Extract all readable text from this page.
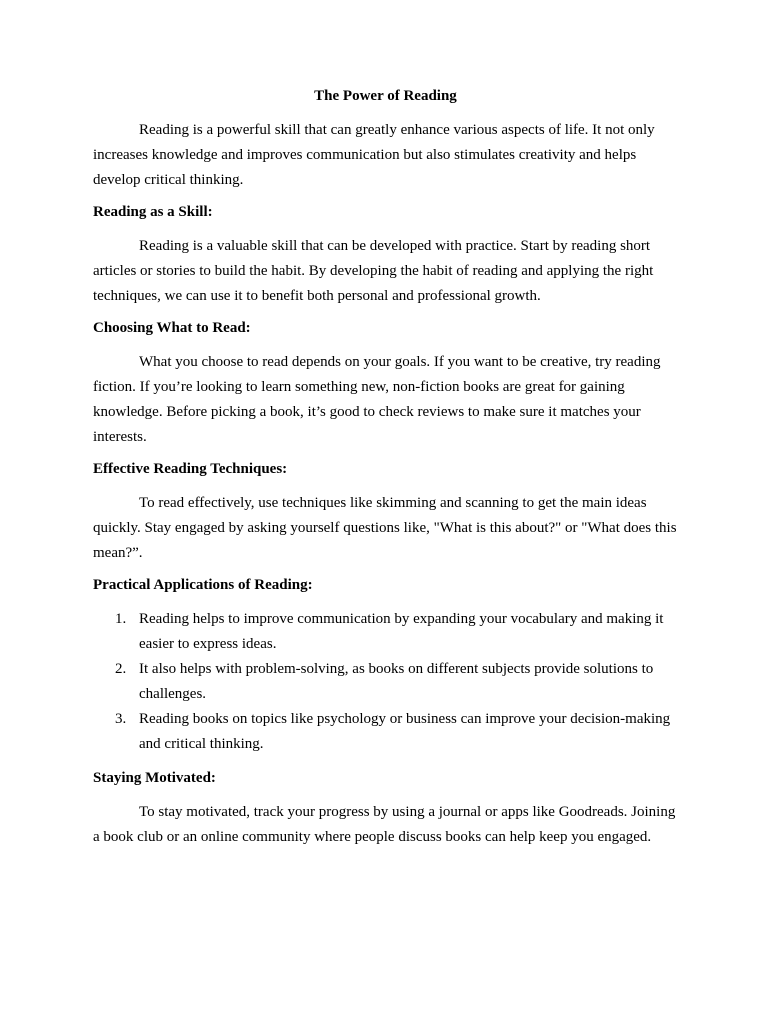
The Power of Reading

Reading is a powerful skill that can greatly enhance various aspects of life. It not only increases knowledge and improves communication but also stimulates creativity and helps develop critical thinking.

Reading as a Skill:

Reading is a valuable skill that can be developed with practice. Start by reading short articles or stories to build the habit. By developing the habit of reading and applying the right techniques, we can use it to benefit both personal and professional growth.

Choosing What to Read:

What you choose to read depends on your goals. If you want to be creative, try reading fiction. If you’re looking to learn something new, non-fiction books are great for gaining knowledge. Before picking a book, it’s good to check reviews to make sure it matches your interests.

Effective Reading Techniques:

To read effectively, use techniques like skimming and scanning to get the main ideas quickly. Stay engaged by asking yourself questions like, "What is this about?" or "What does this mean?”.

Practical Applications of Reading:
1. Reading helps to improve communication by expanding your vocabulary and making it easier to express ideas.
2. It also helps with problem-solving, as books on different subjects provide solutions to challenges.
3. Reading books on topics like psychology or business can improve your decision-making and critical thinking.
Staying Motivated:

To stay motivated, track your progress by using a journal or apps like Goodreads. Joining a book club or an online community where people discuss books can help keep you engaged.
